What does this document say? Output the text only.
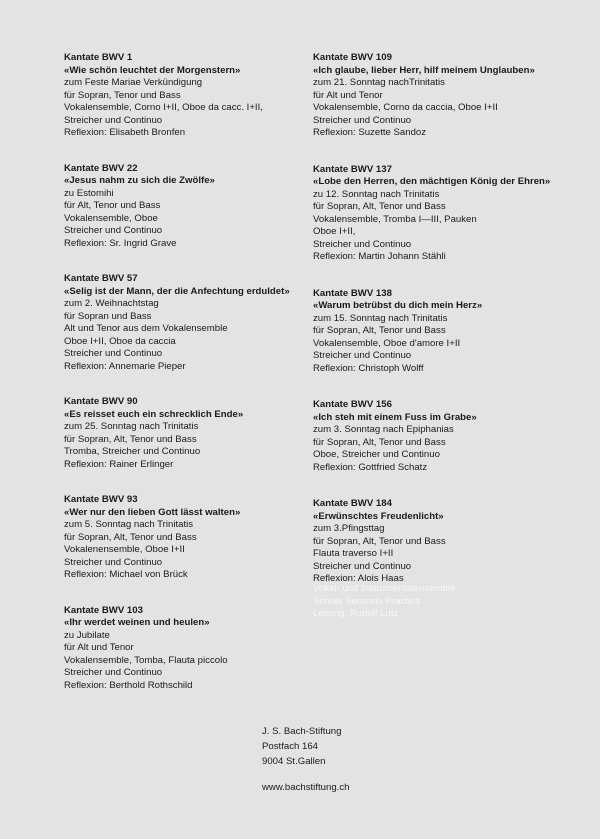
Kantate BWV 1
«Wie schön leuchtet der Morgenstern»
zum Feste Mariae Verkündigung
für Sopran, Tenor und Bass
Vokalensemble, Corno I+II, Oboe da cacc. I+II,
Streicher und Continuo
Reflexion: Elisabeth Bronfen
Kantate BWV 22
«Jesus nahm zu sich die Zwölfe»
zu Estomihi
für Alt, Tenor und Bass
Vokalensemble, Oboe
Streicher und Continuo
Reflexion: Sr. Ingrid Grave
Kantate BWV 57
«Selig ist der Mann, der die Anfechtung erduldet»
zum 2. Weihnachtstag
für Sopran und Bass
Alt und Tenor aus dem Vokalensemble
Oboe I+II, Oboe da caccia
Streicher und Continuo
Reflexion: Annemarie Pieper
Kantate BWV 90
«Es reisset euch ein schrecklich Ende»
zum 25. Sonntag nach Trinitatis
für Sopran, Alt, Tenor und Bass
Tromba, Streicher und Continuo
Reflexion: Rainer Erlinger
Kantate BWV 93
«Wer nur den lieben Gott lässt walten»
zum 5. Sonntag nach Trinitatis
für Sopran, Alt, Tenor und Bass
Vokalenensemble, Oboe I+II
Streicher und Continuo
Reflexion: Michael von Brück
Kantate BWV 103
«Ihr werdet weinen und heulen»
zu Jubilate
für Alt und Tenor
Vokalensemble, Tomba, Flauta piccolo
Streicher und Continuo
Reflexion: Berthold Rothschild
Kantate BWV 109
«Ich glaube, lieber Herr, hilf meinem Unglauben»
zum 21. Sonntag nachTrinitatis
für Alt und Tenor
Vokalensemble, Corno da caccia, Oboe I+II
Streicher und Continuo
Reflexion: Suzette Sandoz
Kantate BWV 137
«Lobe den Herren, den mächtigen König der Ehren»
zu 12. Sonntag nach Trinitatis
für Sopran, Alt, Tenor und Bass
Vokalensemble, Tromba I—III, Pauken
Oboe I+II,
Streicher und Continuo
Reflexion: Martin Johann Stähli
Kantate BWV 138
«Warum betrübst du dich mein Herz»
zum 15. Sonntag nach Trinitatis
für Sopran, Alt, Tenor und Bass
Vokalensemble, Oboe d'amore I+II
Streicher und Continuo
Reflexion: Christoph Wolff
Kantate BWV 156
«Ich steh mit einem Fuss im Grabe»
zum 3. Sonntag nach Epiphanias
für Sopran, Alt, Tenor und Bass
Oboe, Streicher und Continuo
Reflexion: Gottfried Schatz
Kantate BWV 184
«Erwünschtes Freudenlicht»
zum 3.Pfingsttag
für Sopran, Alt, Tenor und Bass
Flauta traverso I+II
Streicher und Continuo
Reflexion: Alois Haas
Vokal- und Instrumentalensemble
Schola Seconda Practica
Leitung: Rudolf Lutz
J. S. Bach-Stiftung
Postfach 164
9004 St.Gallen
www.bachstiftung.ch
